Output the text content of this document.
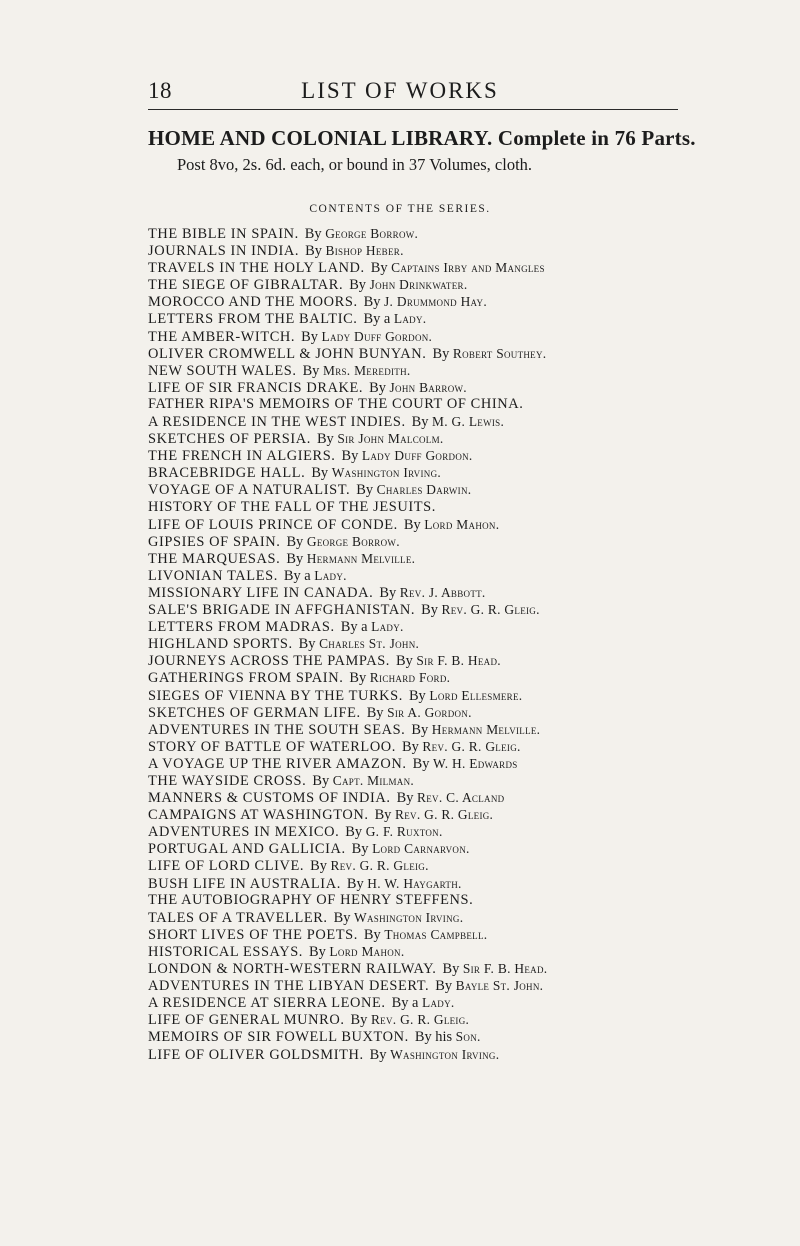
LIST OF WORKS
18
HOME AND COLONIAL LIBRARY. Complete in 76 Parts.
Post 8vo, 2s. 6d. each, or bound in 37 Volumes, cloth.
CONTENTS OF THE SERIES.
THE BIBLE IN SPAIN. By George Borrow.
JOURNALS IN INDIA. By Bishop Heber.
TRAVELS IN THE HOLY LAND. By Captains Irby and Mangles
THE SIEGE OF GIBRALTAR. By John Drinkwater.
MOROCCO AND THE MOORS. By J. Drummond Hay.
LETTERS FROM THE BALTIC. By a Lady.
THE AMBER-WITCH. By Lady Duff Gordon.
OLIVER CROMWELL & JOHN BUNYAN. By Robert Southey.
NEW SOUTH WALES. By Mrs. Meredith.
LIFE OF SIR FRANCIS DRAKE. By John Barrow.
FATHER RIPA'S MEMOIRS OF THE COURT OF CHINA.
A RESIDENCE IN THE WEST INDIES. By M. G. Lewis.
SKETCHES OF PERSIA. By Sir John Malcolm.
THE FRENCH IN ALGIERS. By Lady Duff Gordon.
BRACEBRIDGE HALL. By Washington Irving.
VOYAGE OF A NATURALIST. By Charles Darwin.
HISTORY OF THE FALL OF THE JESUITS.
LIFE OF LOUIS PRINCE OF CONDE. By Lord Mahon.
GIPSIES OF SPAIN. By George Borrow.
THE MARQUESAS. By Hermann Melville.
LIVONIAN TALES. By a Lady.
MISSIONARY LIFE IN CANADA. By Rev. J. Abbott.
SALE'S BRIGADE IN AFFGHANISTAN. By Rev. G. R. Gleig.
LETTERS FROM MADRAS. By a Lady.
HIGHLAND SPORTS. By Charles St. John.
JOURNEYS ACROSS THE PAMPAS. By Sir F. B. Head.
GATHERINGS FROM SPAIN. By Richard Ford.
SIEGES OF VIENNA BY THE TURKS. By Lord Ellesmere.
SKETCHES OF GERMAN LIFE. By Sir A. Gordon.
ADVENTURES IN THE SOUTH SEAS. By Hermann Melville.
STORY OF BATTLE OF WATERLOO. By Rev. G. R. Gleig.
A VOYAGE UP THE RIVER AMAZON. By W. H. Edwards
THE WAYSIDE CROSS. By Capt. Milman.
MANNERS & CUSTOMS OF INDIA. By Rev. C. Acland
CAMPAIGNS AT WASHINGTON. By Rev. G. R. Gleig.
ADVENTURES IN MEXICO. By G. F. Ruxton.
PORTUGAL AND GALLICIA. By Lord Carnarvon.
LIFE OF LORD CLIVE. By Rev. G. R. Gleig.
BUSH LIFE IN AUSTRALIA. By H. W. Haygarth.
THE AUTOBIOGRAPHY OF HENRY STEFFENS.
TALES OF A TRAVELLER. By Washington Irving.
SHORT LIVES OF THE POETS. By Thomas Campbell.
HISTORICAL ESSAYS. By Lord Mahon.
LONDON & NORTH-WESTERN RAILWAY. By Sir F. B. Head.
ADVENTURES IN THE LIBYAN DESERT. By Bayle St. John.
A RESIDENCE AT SIERRA LEONE. By a Lady.
LIFE OF GENERAL MUNRO. By Rev. G. R. Gleig.
MEMOIRS OF SIR FOWELL BUXTON. By his Son.
LIFE OF OLIVER GOLDSMITH. By Washington Irving.
